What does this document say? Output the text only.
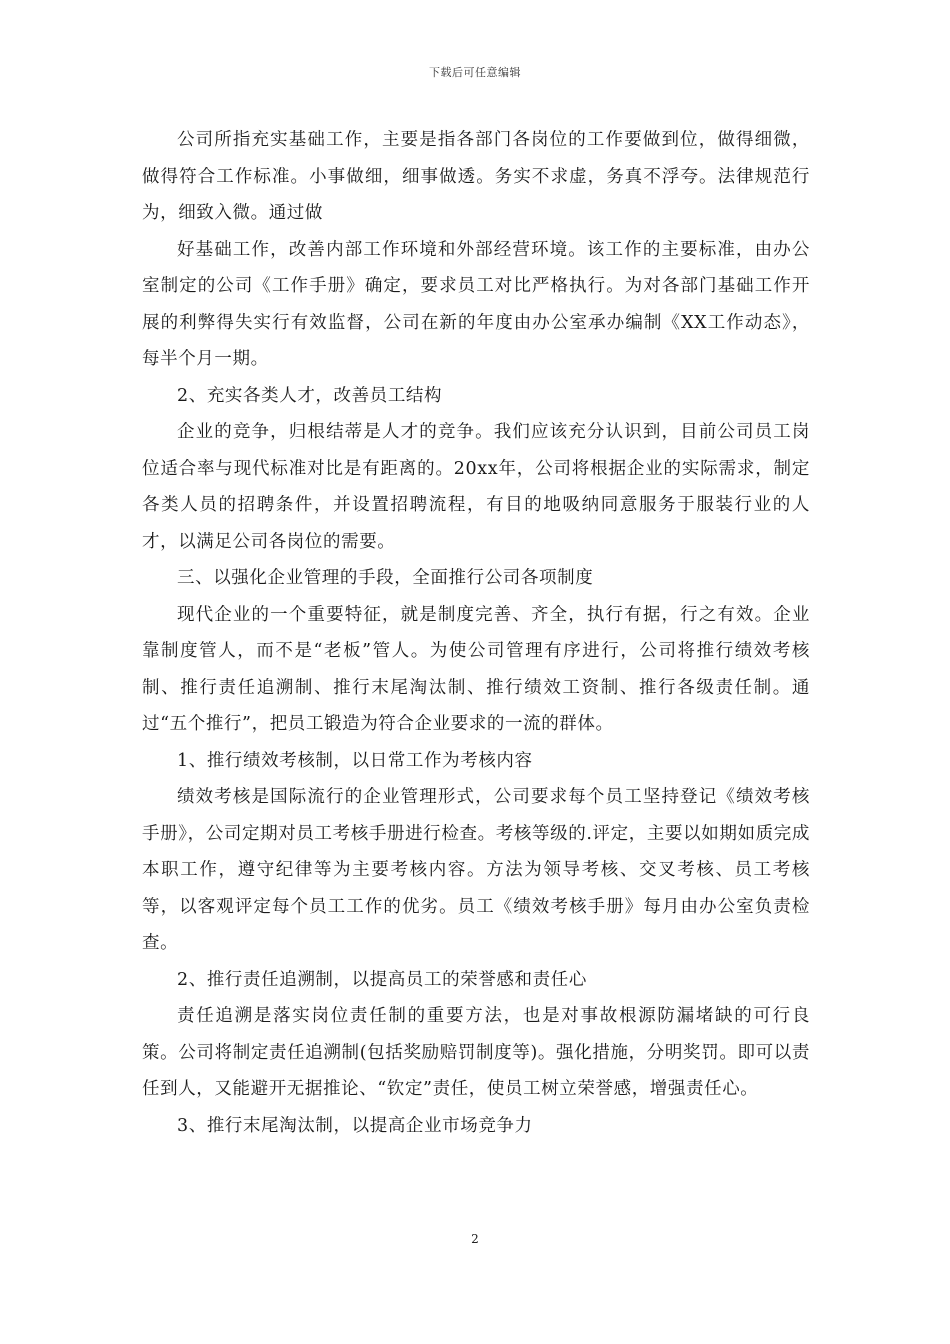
下载后可任意编辑

公司所指充实基础工作，主要是指各部门各岗位的工作要做到位，做得细微，做得符合工作标准。小事做细，细事做透。务实不求虚，务真不浮夸。法律规范行为，细致入微。通过做

好基础工作，改善内部工作环境和外部经营环境。该工作的主要标准，由办公室制定的公司《工作手册》确定，要求员工对比严格执行。为对各部门基础工作开展的利弊得失实行有效监督，公司在新的年度由办公室承办编制《XX工作动态》，每半个月一期。

2、充实各类人才，改善员工结构

企业的竞争，归根结蒂是人才的竞争。我们应该充分认识到，目前公司员工岗位适合率与现代标准对比是有距离的。20xx年，公司将根据企业的实际需求，制定各类人员的招聘条件，并设置招聘流程，有目的地吸纳同意服务于服装行业的人才，以满足公司各岗位的需要。

三、以强化企业管理的手段，全面推行公司各项制度

现代企业的一个重要特征，就是制度完善、齐全，执行有据，行之有效。企业靠制度管人，而不是“老板”管人。为使公司管理有序进行，公司将推行绩效考核制、推行责任追溯制、推行末尾淘汰制、推行绩效工资制、推行各级责任制。通过“五个推行”，把员工锻造为符合企业要求的一流的群体。

1、推行绩效考核制，以日常工作为考核内容

绩效考核是国际流行的企业管理形式，公司要求每个员工坚持登记《绩效考核手册》，公司定期对员工考核手册进行检查。考核等级的.评定，主要以如期如质完成本职工作，遵守纪律等为主要考核内容。方法为领导考核、交叉考核、员工考核等，以客观评定每个员工工作的优劣。员工《绩效考核手册》每月由办公室负责检查。

2、推行责任追溯制，以提高员工的荣誉感和责任心

责任追溯是落实岗位责任制的重要方法，也是对事故根源防漏堵缺的可行良策。公司将制定责任追溯制(包括奖励赔罚制度等)。强化措施，分明奖罚。即可以责任到人，又能避开无据推论、“钦定”责任，使员工树立荣誉感，增强责任心。

3、推行末尾淘汰制，以提高企业市场竞争力

2
